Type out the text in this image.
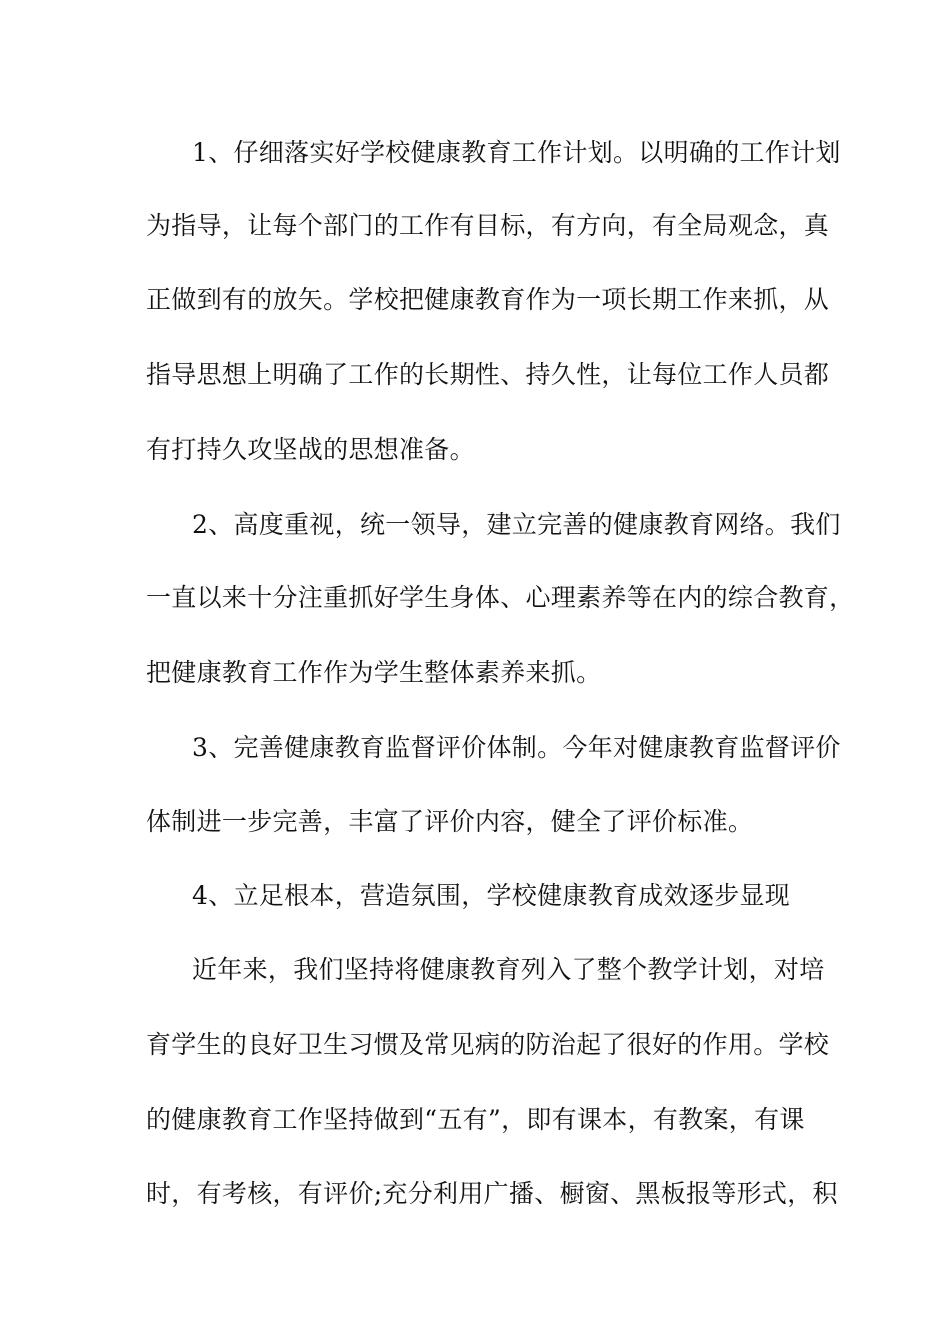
1、仔细落实好学校健康教育工作计划。以明确的工作计划
为指导，让每个部门的工作有目标，有方向，有全局观念，真
正做到有的放矢。学校把健康教育作为一项长期工作来抓，从
指导思想上明确了工作的长期性、持久性，让每位工作人员都
有打持久攻坚战的思想准备。
2、高度重视，统一领导，建立完善的健康教育网络。我们
一直以来十分注重抓好学生身体、心理素养等在内的综合教育，
把健康教育工作作为学生整体素养来抓。
3、完善健康教育监督评价体制。今年对健康教育监督评价
体制进一步完善，丰富了评价内容，健全了评价标准。
4、立足根本，营造氛围，学校健康教育成效逐步显现
近年来，我们坚持将健康教育列入了整个教学计划，对培
育学生的良好卫生习惯及常见病的防治起了很好的作用。学校
的健康教育工作坚持做到“五有”，即有课本，有教案，有课
时，有考核，有评价;充分利用广播、橱窗、黑板报等形式，积
